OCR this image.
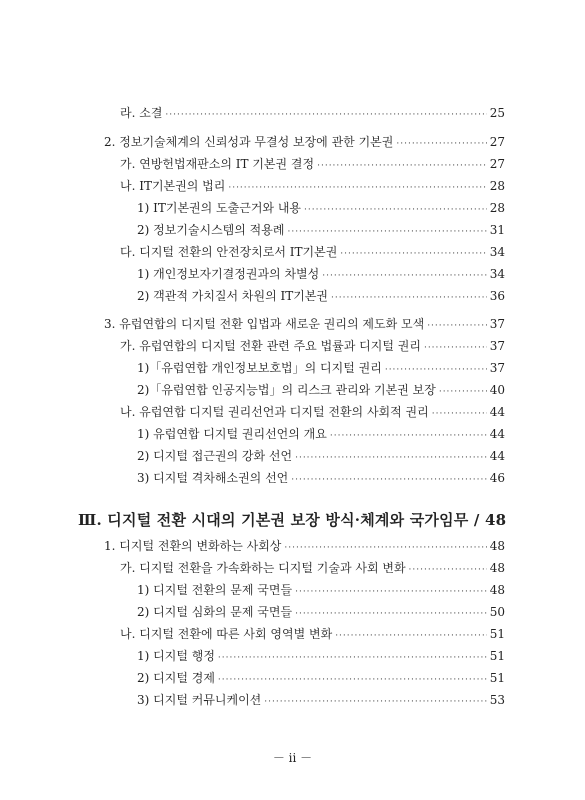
라. 소결 ·····	25
2. 정보기술체계의 신뢰성과 무결성 보장에 관한 기본권 ·····	27
가. 연방헌법재판소의 IT 기본권 결정 ·····	27
나. IT기본권의 법리 ·····	28
1) IT기본권의 도출근거와 내용 ·····	28
2) 정보기술시스템의 적용례 ·····	31
다. 디지털 전환의 안전장치로서 IT기본권 ·····	34
1) 개인정보자기결정권과의 차별성 ·····	34
2) 객관적 가치질서 차원의 IT기본권 ·····	36
3. 유럽연합의 디지털 전환 입법과 새로운 권리의 제도화 모색 ·····	37
가. 유럽연합의 디지털 전환 관련 주요 법률과 디지털 권리 ·····	37
1)「유럽연합 개인정보보호법」의 디지털 권리 ·····	37
2)「유럽연합 인공지능법」의 리스크 관리와 기본권 보장 ·····	40
나. 유럽연합 디지털 권리선언과 디지털 전환의 사회적 권리 ·····	44
1) 유럽연합 디지털 권리선언의 개요 ·····	44
2) 디지털 접근권의 강화 선언 ·····	44
3) 디지털 격차해소권의 선언 ·····	46
1. 디지털 전환의 변화하는 사회상 ·····	48
가. 디지털 전환을 가속화하는 디지털 기술과 사회 변화 ·····	48
1) 디지털 전환의 문제 국면들 ·····	48
2) 디지털 심화의 문제 국면들 ·····	50
나. 디지털 전환에 따른 사회 영역별 변화 ·····	51
1) 디지털 행정 ·····	51
2) 디지털 경제 ·····	51
3) 디지털 커뮤니케이션 ·····	53
Ⅲ. 디지털 전환 시대의 기본권 보장 방식·체계와 국가임무 / 48
－ ii －
